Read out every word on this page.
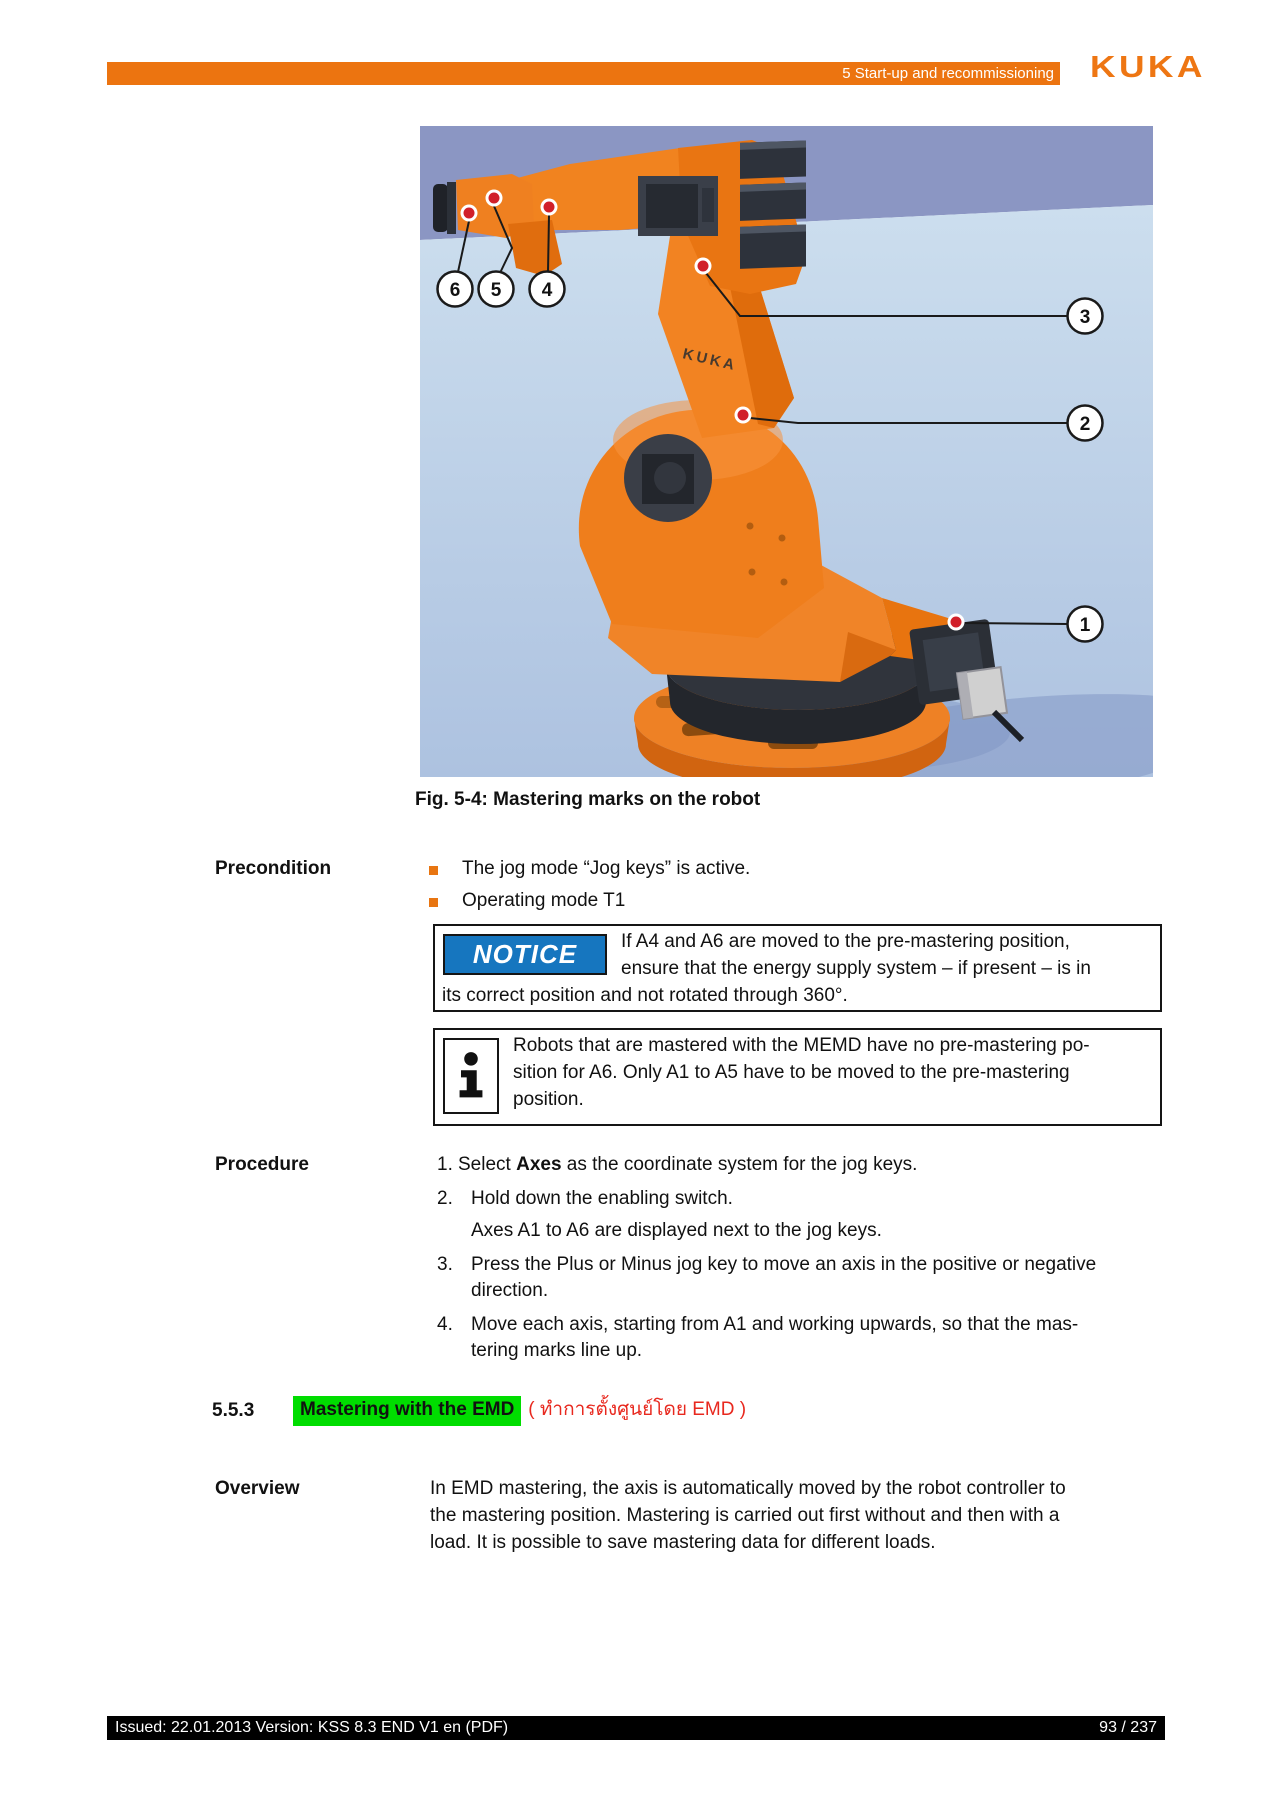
5 Start-up and recommissioning KUKA
KUKA
6 5 4
3
2
1
Fig. 5-4: Mastering marks on the robot
Precondition	The jog mode “Jog keys” is active.
Operating mode T1
NOTICE	If A4 and A6 are moved to the pre-mastering position,
ensure that the energy supply system – if present – is in
its correct position and not rotated through 360°.
Robots that are mastered with the MEMD have no pre-mastering po-
sition for A6. Only A1 to A5 have to be moved to the pre-mastering
position.
Procedure	1. Select Axes as the coordinate system for the jog keys.
2. Hold down the enabling switch.
Axes A1 to A6 are displayed next to the jog keys.
3. Press the Plus or Minus jog key to move an axis in the positive or negative
direction.
4. Move each axis, starting from A1 and working upwards, so that the mas-
tering marks line up.
5.5.3	Mastering with the EMD ( ทำการตั้งศูนย์โดย EMD )
Overview	In EMD mastering, the axis is automatically moved by the robot controller to
the mastering position. Mastering is carried out first without and then with a
load. It is possible to save mastering data for different loads.
Issued: 22.01.2013 Version: KSS 8.3 END V1 en (PDF)	93 / 237
